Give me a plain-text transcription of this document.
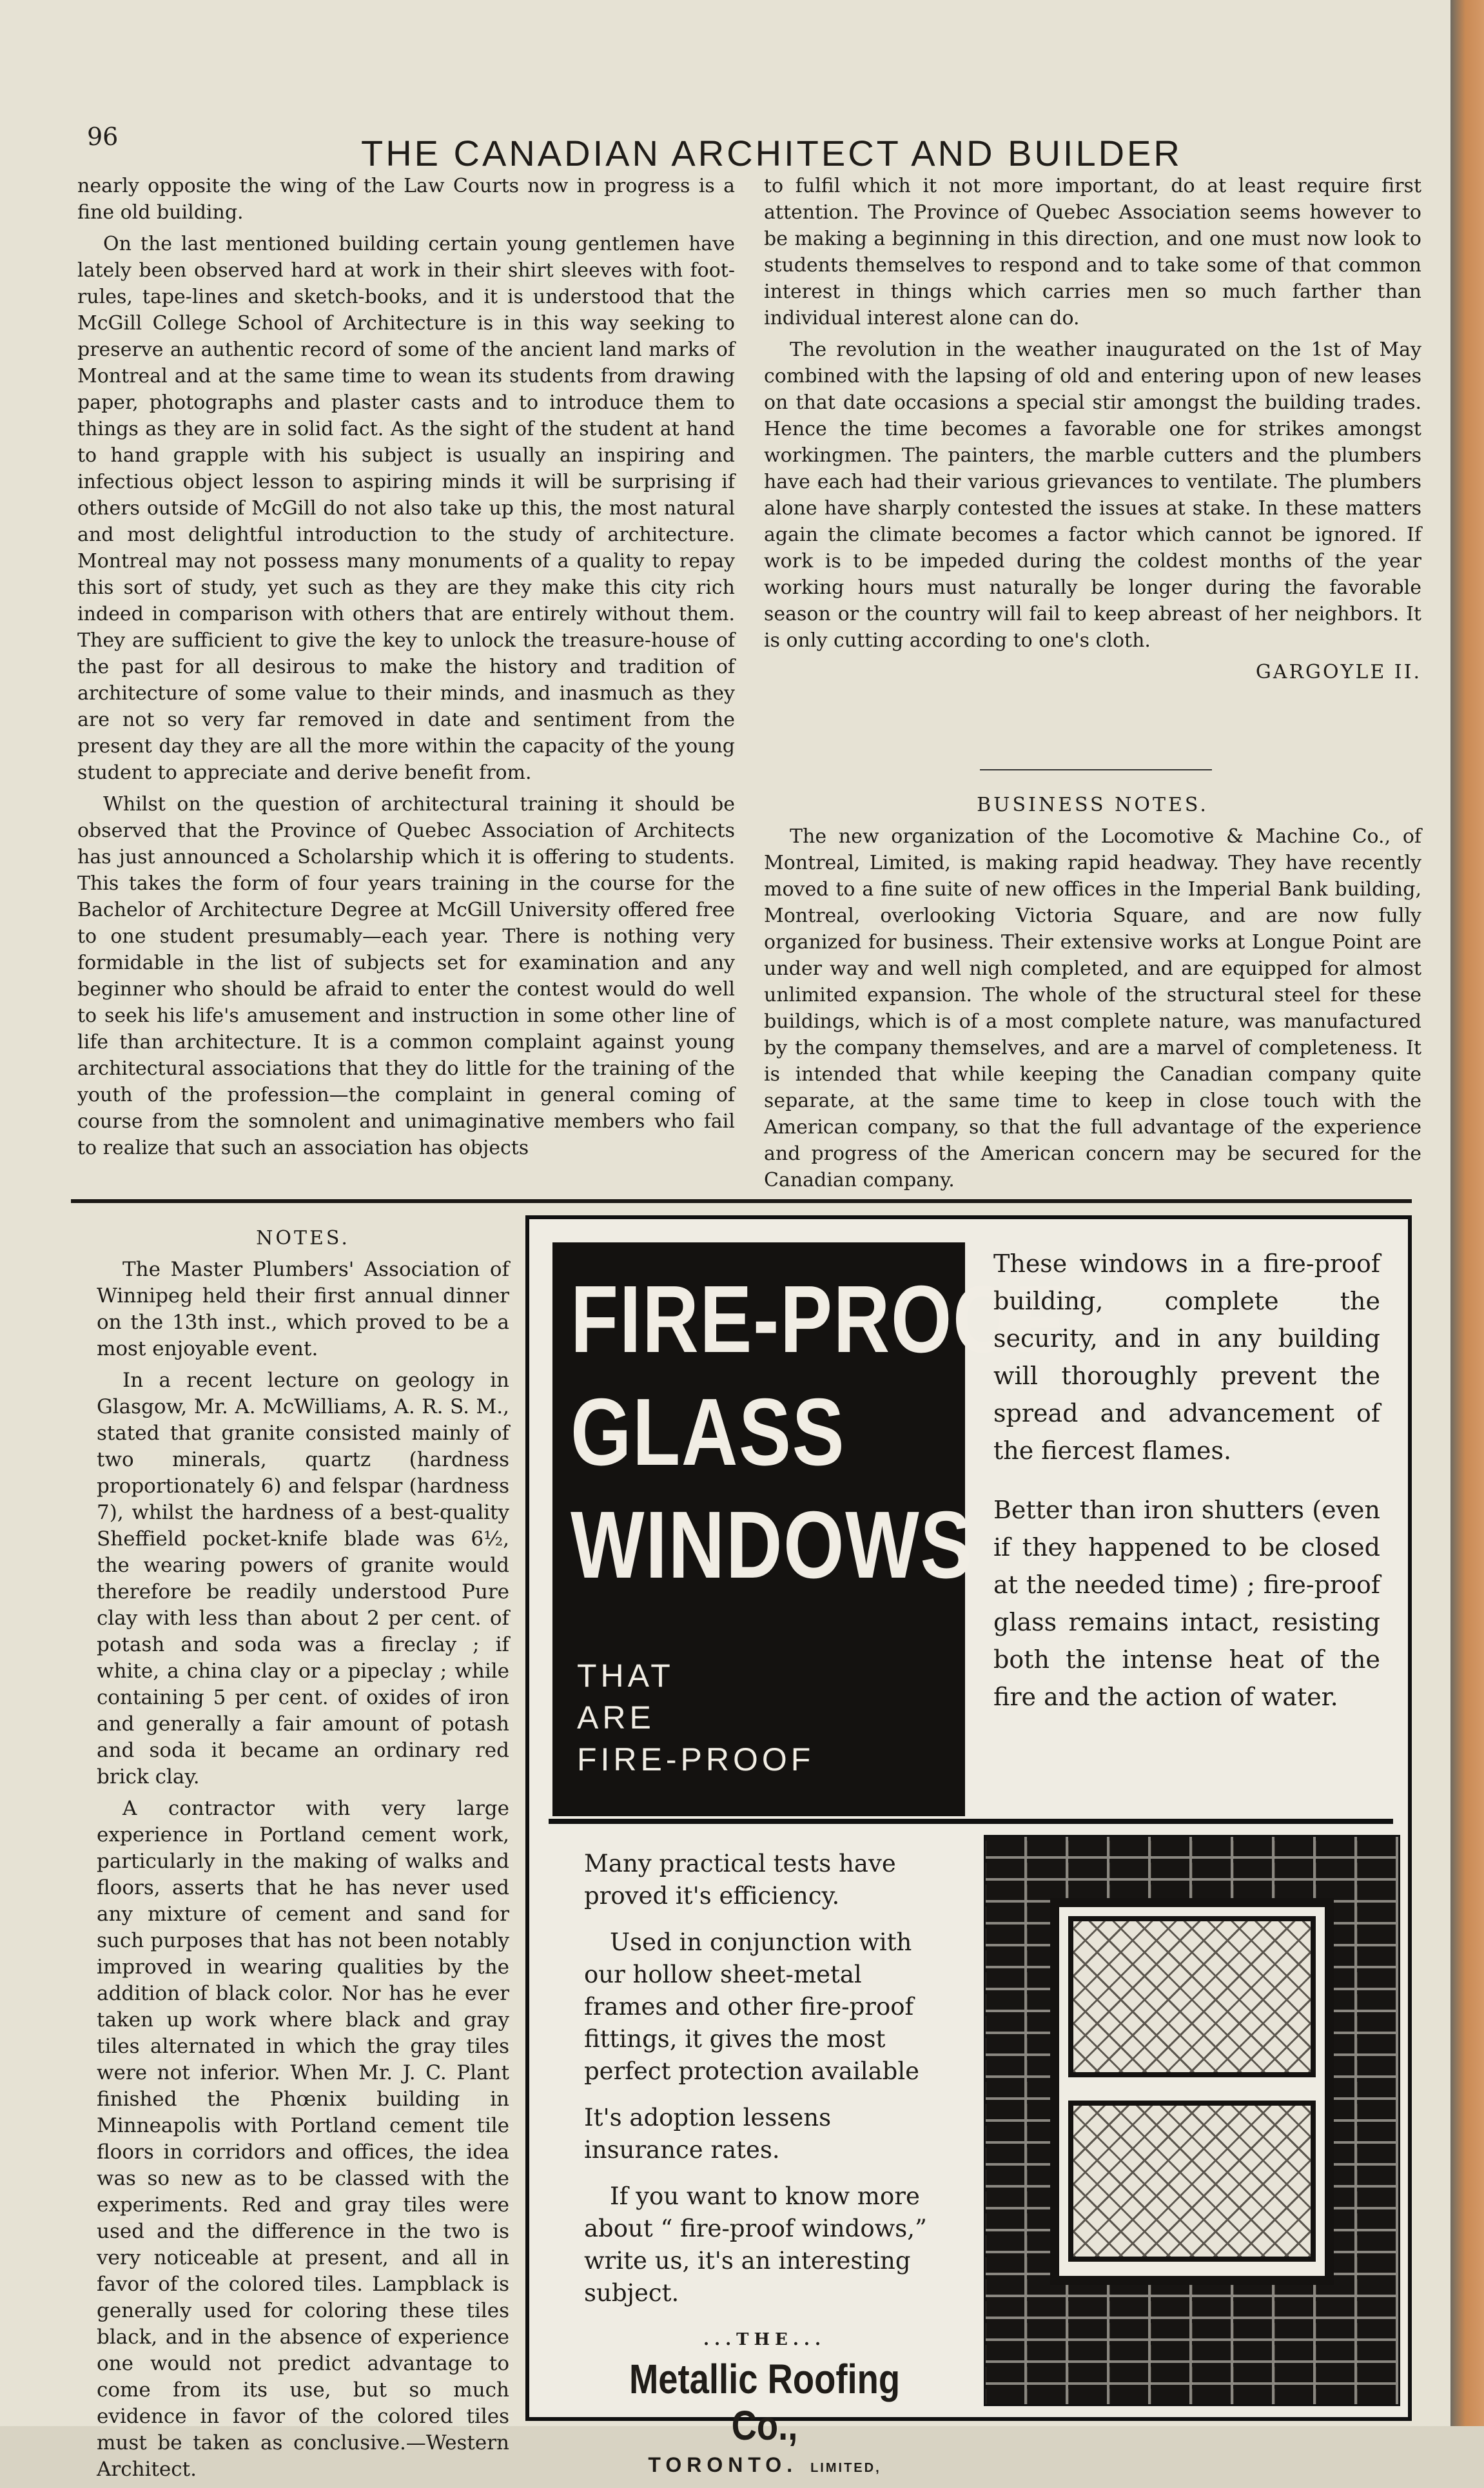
96	THE CANADIAN ARCHITECT AND BUILDER

nearly opposite the wing of the Law Courts now in progress is a fine old building.

On the last mentioned building certain young gentlemen have lately been observed hard at work in their shirt sleeves with foot-rules, tape-lines and sketch-books, and it is understood that the McGill College School of Architecture is in this way seeking to preserve an authentic record of some of the ancient land marks of Montreal and at the same time to wean its students from drawing paper, photographs and plaster casts and to introduce them to things as they are in solid fact. As the sight of the student at hand to hand grapple with his subject is usually an inspiring and infectious object lesson to aspiring minds it will be surprising if others outside of McGill do not also take up this, the most natural and most delightful introduction to the study of architecture. Montreal may not possess many monuments of a quality to repay this sort of study, yet such as they are they make this city rich indeed in comparison with others that are entirely without them. They are sufficient to give the key to unlock the treasure-house of the past for all desirous to make the history and tradition of architecture of some value to their minds, and inasmuch as they are not so very far removed in date and sentiment from the present day they are all the more within the capacity of the young student to appreciate and derive benefit from.

Whilst on the question of architectural training it should be observed that the Province of Quebec Association of Architects has just announced a Scholarship which it is offering to students. This takes the form of four years training in the course for the Bachelor of Architecture Degree at McGill University offered free to one student presumably—each year. There is nothing very formidable in the list of subjects set for examination and any beginner who should be afraid to enter the contest would do well to seek his life's amusement and instruction in some other line of life than architecture. It is a common complaint against young architectural associations that they do little for the training of the youth of the profession—the complaint in general coming of course from the somnolent and unimaginative members who fail to realize that such an association has objects

to fulfil which it not more important, do at least require first attention. The Province of Quebec Association seems however to be making a beginning in this direction, and one must now look to students themselves to respond and to take some of that common interest in things which carries men so much farther than individual interest alone can do.

The revolution in the weather inaugurated on the 1st of May combined with the lapsing of old and entering upon of new leases on that date occasions a special stir amongst the building trades. Hence the time becomes a favorable one for strikes amongst workingmen. The painters, the marble cutters and the plumbers have each had their various grievances to ventilate. The plumbers alone have sharply contested the issues at stake. In these matters again the climate becomes a factor which cannot be ignored. If work is to be impeded during the coldest months of the year working hours must naturally be longer during the favorable season or the country will fail to keep abreast of her neighbors. It is only cutting according to one's cloth.

GARGOYLE II.

BUSINESS NOTES.

The new organization of the Locomotive & Machine Co., of Montreal, Limited, is making rapid headway. They have recently moved to a fine suite of new offices in the Imperial Bank building, Montreal, overlooking Victoria Square, and are now fully organized for business. Their extensive works at Longue Point are under way and well nigh completed, and are equipped for almost unlimited expansion. The whole of the structural steel for these buildings, which is of a most complete nature, was manufactured by the company themselves, and are a marvel of completeness. It is intended that while keeping the Canadian company quite separate, at the same time to keep in close touch with the American company, so that the full advantage of the experience and progress of the American concern may be secured for the Canadian company.

NOTES.

The Master Plumbers' Association of Winnipeg held their first annual dinner on the 13th inst., which proved to be a most enjoyable event.

In a recent lecture on geology in Glasgow, Mr. A. McWilliams, A. R. S. M., stated that granite consisted mainly of two minerals, quartz (hardness proportionately 6) and felspar (hardness 7), whilst the hardness of a best-quality Sheffield pocket-knife blade was 6½, the wearing powers of granite would therefore be readily understood Pure clay with less than about 2 per cent. of potash and soda was a fireclay ; if white, a china clay or a pipeclay ; while containing 5 per cent. of oxides of iron and generally a fair amount of potash and soda it became an ordinary red brick clay.

A contractor with very large experience in Portland cement work, particularly in the making of walks and floors, asserts that he has never used any mixture of cement and sand for such purposes that has not been notably improved in wearing qualities by the addition of black color. Nor has he ever taken up work where black and gray tiles alternated in which the gray tiles were not inferior. When Mr. J. C. Plant finished the Phœnix building in Minneapolis with Portland cement tile floors in corridors and offices, the idea was so new as to be classed with the experiments. Red and gray tiles were used and the difference in the two is very noticeable at present, and all in favor of the colored tiles. Lampblack is generally used for coloring these tiles black, and in the absence of experience one would not predict advantage to come from its use, but so much evidence in favor of the colored tiles must be taken as conclusive.—Western Architect.

FIRE-PROOF
GLASS
WINDOWS
THAT
ARE
FIRE-PROOF

These windows in a fire-proof building, complete the security, and in any building will thoroughly prevent the spread and advancement of the fiercest flames.

Better than iron shutters (even if they happened to be closed at the needed time) ; fire-proof glass remains intact, resisting both the intense heat of the fire and the action of water.

Many practical tests have proved it's efficiency.

Used in conjunction with our hollow sheet-metal frames and other fire-proof fittings, it gives the most perfect protection available

It's adoption lessens insurance rates.

If you want to know more about “ fire-proof windows,” write us, it's an interesting subject.

...THE...
Metallic Roofing Co.,
TORONTO. LIMITED,
